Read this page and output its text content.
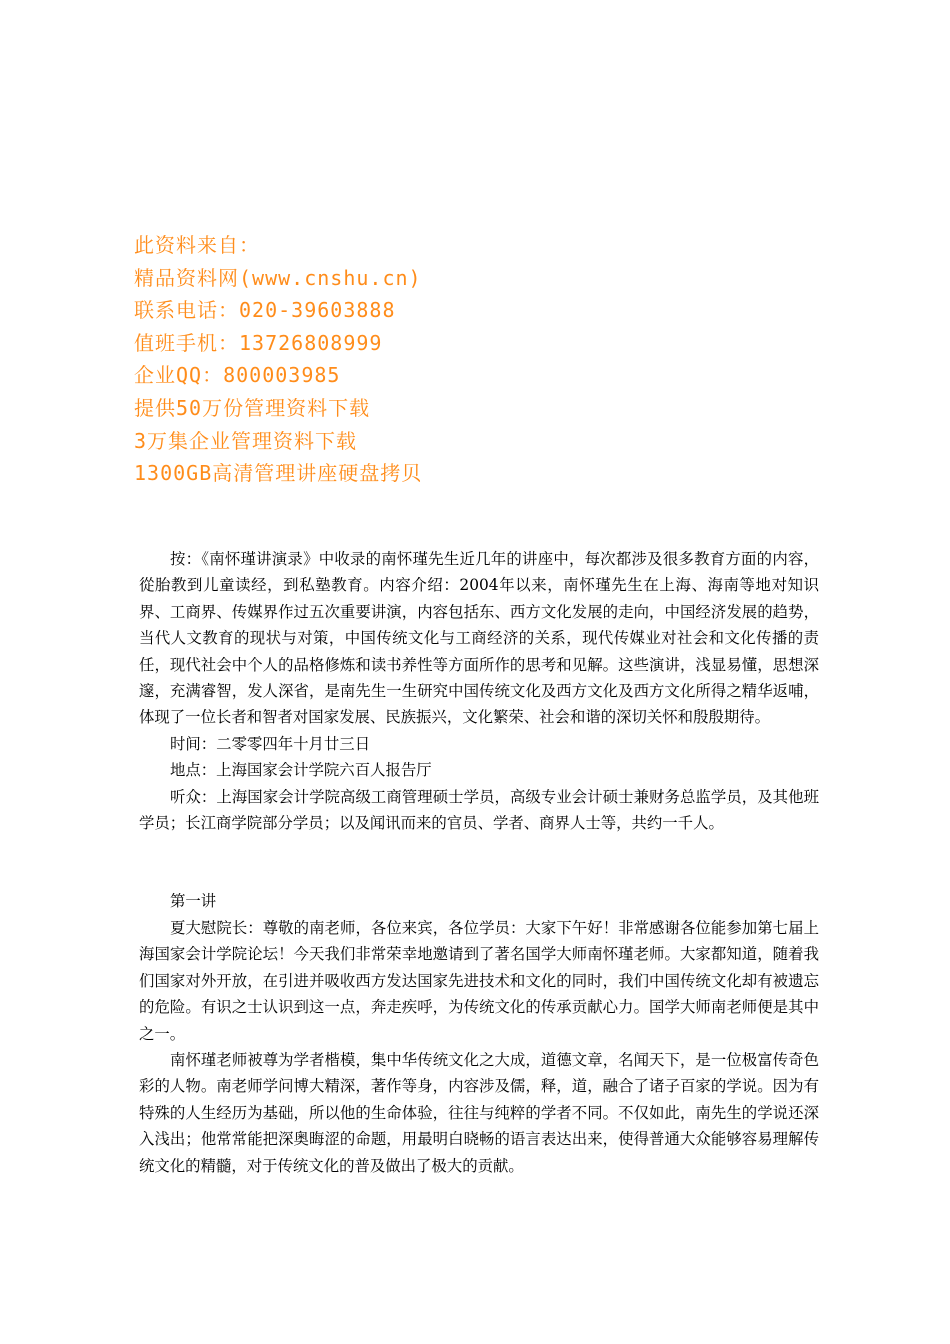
此资料来自：
精品资料网(www.cnshu.cn)
联系电话：020-39603888
值班手机：13726808999
企业QQ：800003985
提供50万份管理资料下载
3万集企业管理资料下载
1300GB高清管理讲座硬盘拷贝

按：《南怀瑾讲演录》中收录的南怀瑾先生近几年的讲座中，每次都涉及很多教育方面的内容，從胎教到儿童读经，到私塾教育。内容介绍：2004年以来，南怀瑾先生在上海、海南等地对知识界、工商界、传媒界作过五次重要讲演，内容包括东、西方文化发展的走向，中国经济发展的趋势，当代人文教育的现状与对策，中国传统文化与工商经济的关系，现代传媒业对社会和文化传播的责任，现代社会中个人的品格修炼和读书养性等方面所作的思考和见解。这些演讲，浅显易懂，思想深邃，充满睿智，发人深省，是南先生一生研究中国传统文化及西方文化及西方文化所得之精华返哺，体现了一位长者和智者对国家发展、民族振兴，文化繁荣、社会和谐的深切关怀和殷殷期待。

时间：二零零四年十月廿三日

地点：上海国家会计学院六百人报告厅

听众：上海国家会计学院高级工商管理硕士学员，高级专业会计硕士兼财务总监学员，及其他班学员；长江商学院部分学员；以及闻讯而来的官员、学者、商界人士等，共约一千人。

第一讲

夏大慰院长：尊敬的南老师，各位来宾，各位学员：大家下午好！非常感谢各位能参加第七届上海国家会计学院论坛！今天我们非常荣幸地邀请到了著名国学大师南怀瑾老师。大家都知道，随着我们国家对外开放，在引进并吸收西方发达国家先进技术和文化的同时，我们中国传统文化却有被遗忘的危险。有识之士认识到这一点，奔走疾呼，为传统文化的传承贡献心力。国学大师南老师便是其中之一。

南怀瑾老师被尊为学者楷模，集中华传统文化之大成，道德文章，名闻天下，是一位极富传奇色彩的人物。南老师学问博大精深，著作等身，内容涉及儒，释，道，融合了诸子百家的学说。因为有特殊的人生经历为基础，所以他的生命体验，往往与纯粹的学者不同。不仅如此，南先生的学说还深入浅出；他常常能把深奥晦涩的命题，用最明白晓畅的语言表达出来，使得普通大众能够容易理解传统文化的精髓，对于传统文化的普及做出了极大的贡献。
